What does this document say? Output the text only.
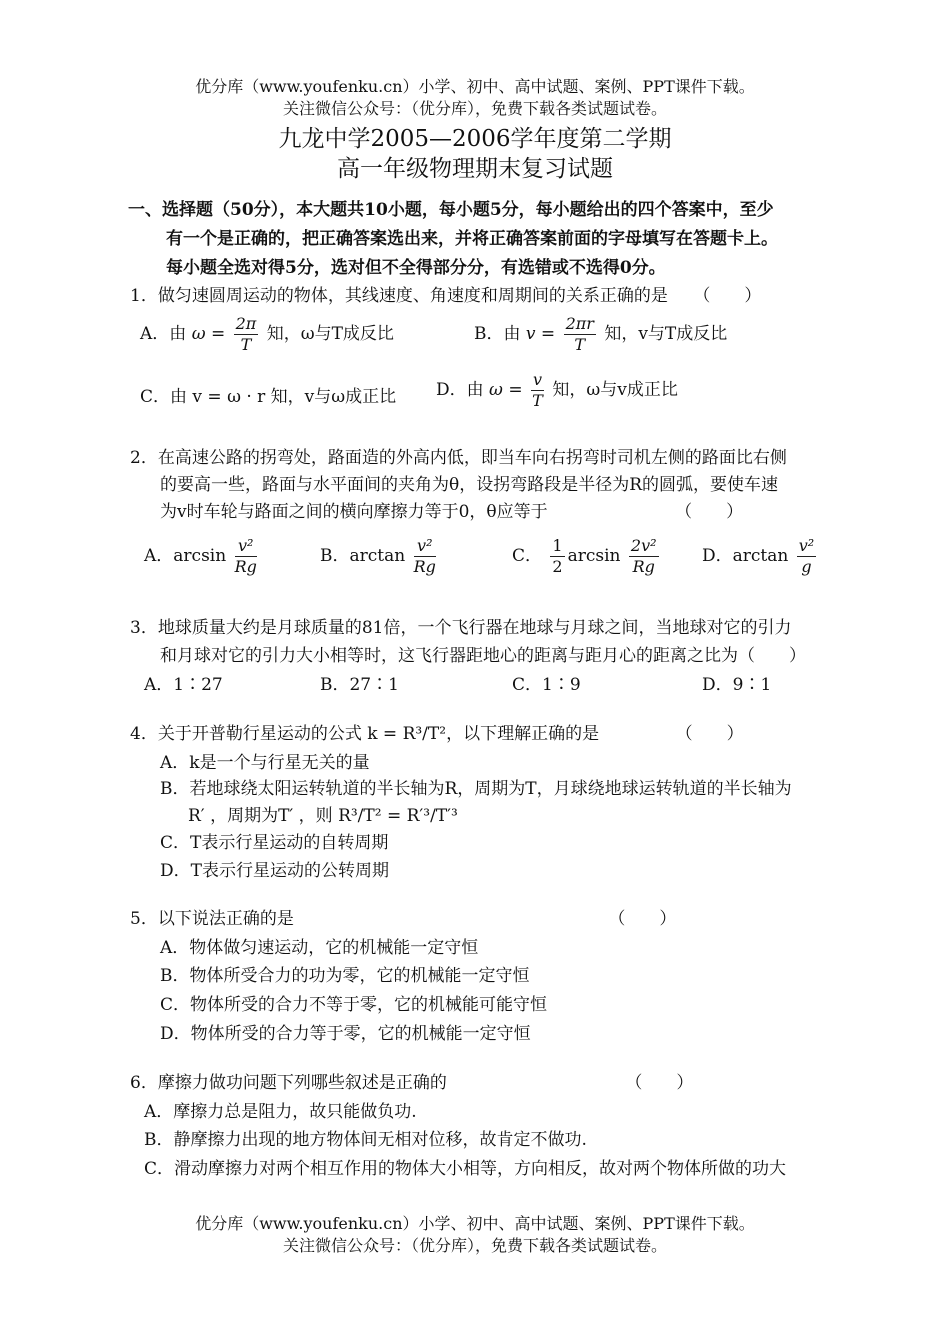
优分库（www.youfenku.cn）小学、初中、高中试题、案例、PPT课件下载。
关注微信公众号：（优分库），免费下载各类试题试卷。
九龙中学2005—2006学年度第二学期
高一年级物理期末复习试题
一、选择题（50分），本大题共10小题，每小题5分，每小题给出的四个答案中，至少
有一个是正确的，把正确答案选出来，并将正确答案前面的字母填写在答题卡上。
每小题全选对得5分，选对但不全得部分分，有选错或不选得0分。
1．做匀速圆周运动的物体，其线速度、角速度和周期间的关系正确的是　　（　　）
A．由 $\omega = \frac{2\pi}{T}$ 知，ω与T成反比	B．由 $v = \frac{2\pi r}{T}$ 知，v与T成反比
C．由 v = ω · r 知，v与ω成正比 D．由 $\omega = \frac{v}{T}$ 知，ω与v成正比
2．在高速公路的拐弯处，路面造的外高内低，即当车向右拐弯时司机左侧的路面比右侧
的要高一些，路面与水平面间的夹角为θ，设拐弯路段是半径为R的圆弧，要使车速
为v时车轮与路面之间的横向摩擦力等于0，θ应等于　　　　　　　　（　　）
A．$\arcsin \frac{\text{v²}}{Rg}$	B．$\arctan \frac{\text{v²}}{Rg}$	C． $\frac{1}{2}$ $\arcsin \frac{\text{2v²}}{Rg}$	D．$\arctan \frac{\text{v²}}{g}$
3．地球质量大约是月球质量的81倍，一个飞行器在地球与月球之间，当地球对它的引力
和月球对它的引力大小相等时，这飞行器距地心的距离与距月心的距离之比为（　　）
A．1∶27	B．27∶1	C．1∶9	D．9∶1
4．关于开普勒行星运动的公式 k = R³/T²，以下理解正确的是　　　　　（　　）
A．k是一个与行星无关的量
B．若地球绕太阳运转轨道的半长轴为R，周期为T，月球绕地球运转轨道的半长轴为
R′ ，周期为T′ ，则 R³/T² = R′³/T′³
C．T表示行星运动的自转周期
D．T表示行星运动的公转周期
5．以下说法正确的是　　　　　　　　　　　　　　　　　　　（　　）
A．物体做匀速运动，它的机械能一定守恒
B．物体所受合力的功为零，它的机械能一定守恒
C．物体所受的合力不等于零，它的机械能可能守恒
D．物体所受的合力等于零，它的机械能一定守恒
6．摩擦力做功问题下列哪些叙述是正确的　　　　　　　　　　　（　　）
A．摩擦力总是阻力，故只能做负功.
B．静摩擦力出现的地方物体间无相对位移，故肯定不做功.
C．滑动摩擦力对两个相互作用的物体大小相等，方向相反，故对两个物体所做的功大
优分库（www.youfenku.cn）小学、初中、高中试题、案例、PPT课件下载。
关注微信公众号：（优分库），免费下载各类试题试卷。
